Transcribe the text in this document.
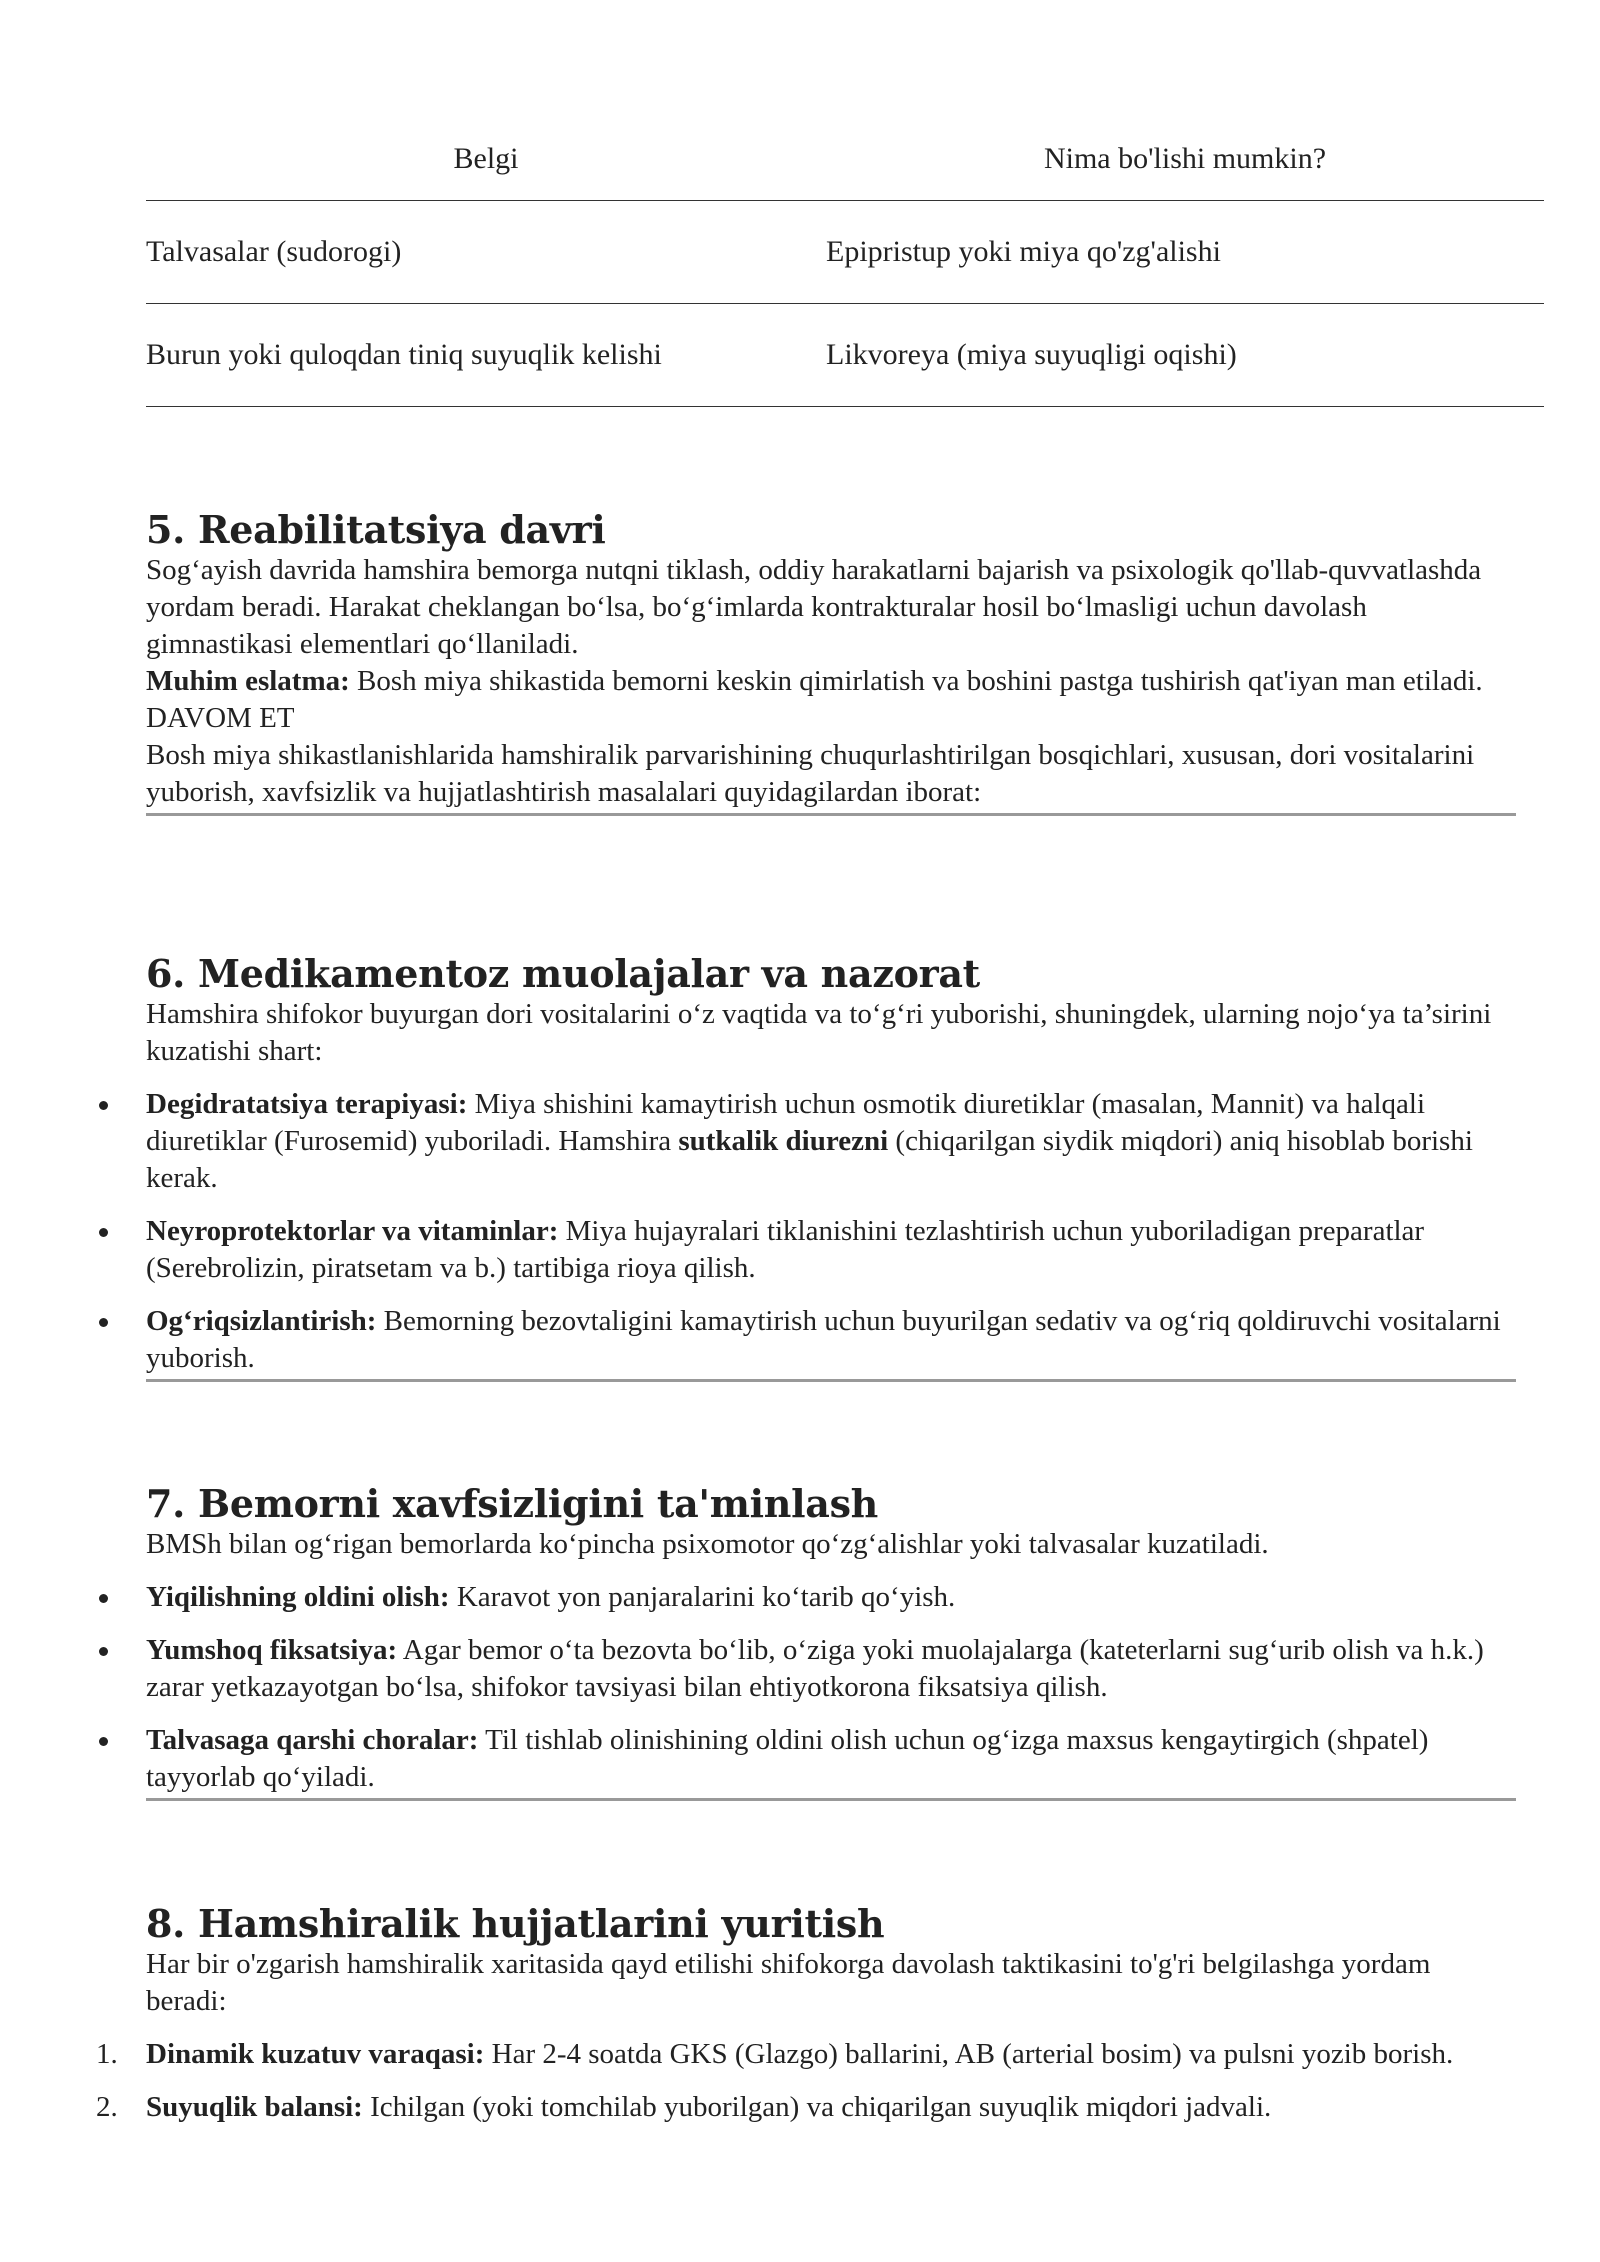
Belgi	Nima bo'lishi mumkin?
Talvasalar (sudorogi)	Epipristup yoki miya qo'zg'alishi
Burun yoki quloqdan tiniq suyuqlik kelishi	Likvoreya (miya suyuqligi oqishi)
5. Reabilitatsiya davri

Sog‘ayish davrida hamshira bemorga nutqni tiklash, oddiy harakatlarni bajarish va psixologik qo'llab-quvvatlashda yordam beradi. Harakat cheklangan bo‘lsa, bo‘g‘imlarda kontrakturalar hosil bo‘lmasligi uchun davolash gimnastikasi elementlari qo‘llaniladi.

Muhim eslatma: Bosh miya shikastida bemorni keskin qimirlatish va boshini pastga tushirish qat'iyan man etiladi.

DAVOM ET

Bosh miya shikastlanishlarida hamshiralik parvarishining chuqurlashtirilgan bosqichlari, xususan, dori vositalarini yuborish, xavfsizlik va hujjatlashtirish masalalari quyidagilardan iborat:

6. Medikamentoz muolajalar va nazorat

Hamshira shifokor buyurgan dori vositalarini o‘z vaqtida va to‘g‘ri yuborishi, shuningdek, ularning nojo‘ya ta’sirini kuzatishi shart:

Degidratatsiya terapiyasi: Miya shishini kamaytirish uchun osmotik diuretiklar (masalan, Mannit) va halqali diuretiklar (Furosemid) yuboriladi. Hamshira sutkalik diurezni (chiqarilgan siydik miqdori) aniq hisoblab borishi kerak.
Neyroprotektorlar va vitaminlar: Miya hujayralari tiklanishini tezlashtirish uchun yuboriladigan preparatlar (Serebrolizin, piratsetam va b.) tartibiga rioya qilish.
Og‘riqsizlantirish: Bemorning bezovtaligini kamaytirish uchun buyurilgan sedativ va og‘riq qoldiruvchi vositalarni yuborish.
7. Bemorni xavfsizligini ta'minlash

BMSh bilan og‘rigan bemorlarda ko‘pincha psixomotor qo‘zg‘alishlar yoki talvasalar kuzatiladi.

Yiqilishning oldini olish: Karavot yon panjaralarini ko‘tarib qo‘yish.
Yumshoq fiksatsiya: Agar bemor o‘ta bezovta bo‘lib, o‘ziga yoki muolajalarga (kateterlarni sug‘urib olish va h.k.) zarar yetkazayotgan bo‘lsa, shifokor tavsiyasi bilan ehtiyotkorona fiksatsiya qilish.
Talvasaga qarshi choralar: Til tishlab olinishining oldini olish uchun og‘izga maxsus kengaytirgich (shpatel) tayyorlab qo‘yiladi.
8. Hamshiralik hujjatlarini yuritish

Har bir o'zgarish hamshiralik xaritasida qayd etilishi shifokorga davolash taktikasini to'g'ri belgilashga yordam beradi:

1. Dinamik kuzatuv varaqasi: Har 2-4 soatda GKS (Glazgo) ballarini, AB (arterial bosim) va pulsni yozib borish.
2. Suyuqlik balansi: Ichilgan (yoki tomchilab yuborilgan) va chiqarilgan suyuqlik miqdori jadvali.
